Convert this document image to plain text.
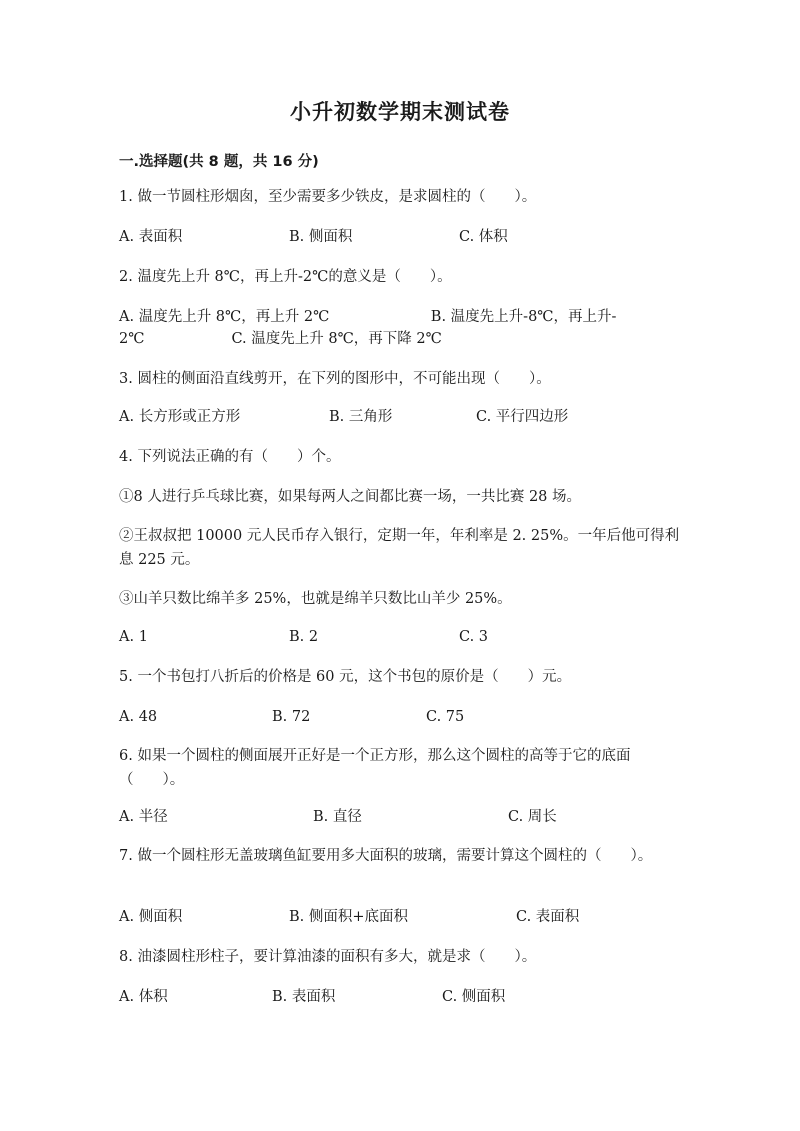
小升初数学期末测试卷
一.选择题(共 8 题，共 16 分)
1. 做一节圆柱形烟囱，至少需要多少铁皮，是求圆柱的（　　）。
A. 表面积	B. 侧面积	C. 体积
2. 温度先上升 8℃，再上升-2℃的意义是（　　）。
A. 温度先上升 8℃，再上升 2℃　　　　　　　B. 温度先上升-8℃，再上升-
2℃　　　　　　C. 温度先上升 8℃，再下降 2℃
3. 圆柱的侧面沿直线剪开，在下列的图形中，不可能出现（　　）。
A. 长方形或正方形	B. 三角形	C. 平行四边形
4. 下列说法正确的有（　　）个。
①8 人进行乒乓球比赛，如果每两人之间都比赛一场，一共比赛 28 场。
②王叔叔把 10000 元人民币存入银行，定期一年，年利率是 2. 25%。一年后他可得利息 225 元。
③山羊只数比绵羊多 25%，也就是绵羊只数比山羊少 25%。
A. 1	B. 2	C. 3
5. 一个书包打八折后的价格是 60 元，这个书包的原价是（　　）元。
A. 48	B. 72	C. 75
6. 如果一个圆柱的侧面展开正好是一个正方形，那么这个圆柱的高等于它的底面（　　）。
A. 半径	B. 直径	C. 周长
7. 做一个圆柱形无盖玻璃鱼缸要用多大面积的玻璃，需要计算这个圆柱的（　　）。
A. 侧面积	B. 侧面积+底面积	C. 表面积
8. 油漆圆柱形柱子，要计算油漆的面积有多大，就是求（　　）。
A. 体积	B. 表面积	C. 侧面积
